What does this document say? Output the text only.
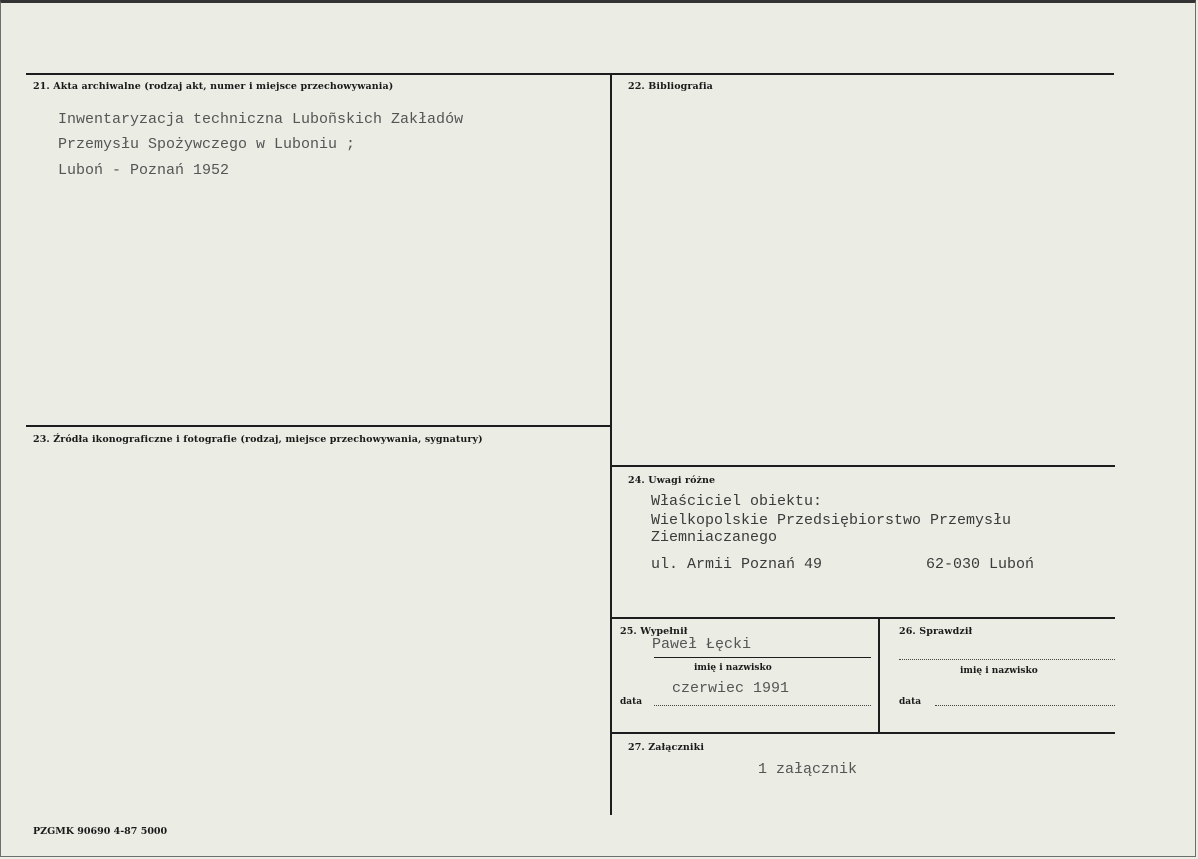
21. Akta archiwalne (rodzaj akt, numer i miejsce przechowywania)
Inwentaryzacja techniczna Luboñskich Zakładów
Przemysłu Spożywczego w Luboniu ;
Luboń - Poznań 1952
22. Bibliografia
23. Źródła ikonograficzne i fotografie (rodzaj, miejsce przechowywania, sygnatury)
24. Uwagi różne
Właściciel obiektu:
Wielkopolskie Przedsiębiorstwo Przemysłu
Ziemniaczanego
ul. Armii Poznań 49	62-030 Luboń
25. Wypełnił
Paweł Łęcki
imię i nazwisko
data
czerwiec 1991
26. Sprawdził
imię i nazwisko
data
27. Załączniki
1 załącznik
PZGMK 90690 4-87 5000
